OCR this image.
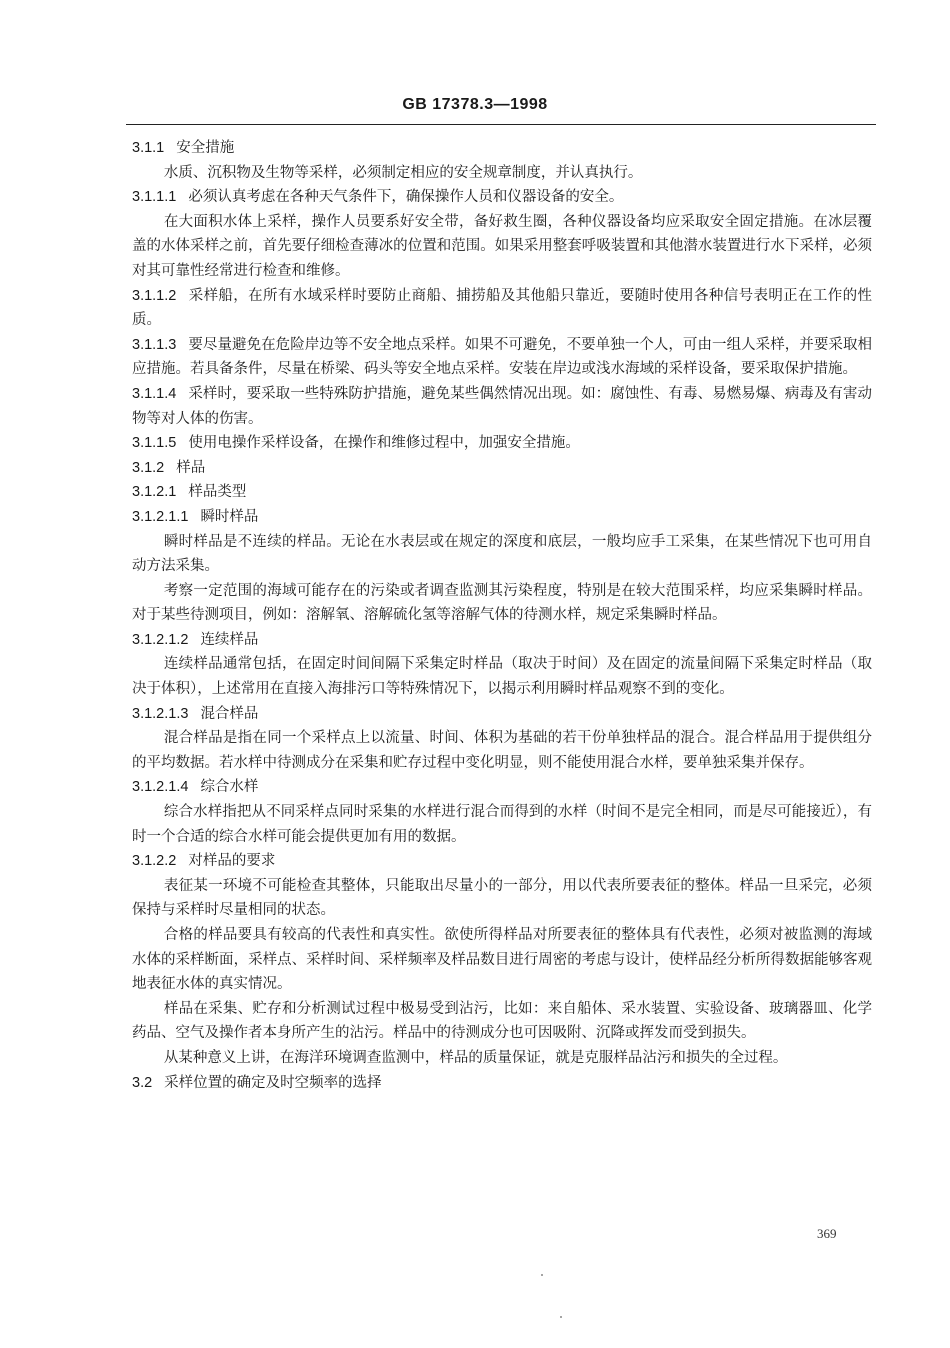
GB 17378.3—1998

3.1.1 安全措施

水质、沉积物及生物等采样，必须制定相应的安全规章制度，并认真执行。

3.1.1.1 必须认真考虑在各种天气条件下，确保操作人员和仪器设备的安全。

在大面积水体上采样，操作人员要系好安全带，备好救生圈，各种仪器设备均应采取安全固定措施。在冰层覆盖的水体采样之前，首先要仔细检查薄冰的位置和范围。如果采用整套呼吸装置和其他潜水装置进行水下采样，必须对其可靠性经常进行检查和维修。

3.1.1.2 采样船，在所有水域采样时要防止商船、捕捞船及其他船只靠近，要随时使用各种信号表明正在工作的性质。

3.1.1.3 要尽量避免在危险岸边等不安全地点采样。如果不可避免，不要单独一个人，可由一组人采样，并要采取相应措施。若具备条件，尽量在桥梁、码头等安全地点采样。安装在岸边或浅水海域的采样设备，要采取保护措施。

3.1.1.4 采样时，要采取一些特殊防护措施，避免某些偶然情况出现。如：腐蚀性、有毒、易燃易爆、病毒及有害动物等对人体的伤害。

3.1.1.5 使用电操作采样设备，在操作和维修过程中，加强安全措施。

3.1.2 样品

3.1.2.1 样品类型

3.1.2.1.1 瞬时样品

瞬时样品是不连续的样品。无论在水表层或在规定的深度和底层，一般均应手工采集，在某些情况下也可用自动方法采集。

考察一定范围的海域可能存在的污染或者调查监测其污染程度，特别是在较大范围采样，均应采集瞬时样品。对于某些待测项目，例如：溶解氧、溶解硫化氢等溶解气体的待测水样，规定采集瞬时样品。

3.1.2.1.2 连续样品

连续样品通常包括，在固定时间间隔下采集定时样品（取决于时间）及在固定的流量间隔下采集定时样品（取决于体积），上述常用在直接入海排污口等特殊情况下，以揭示利用瞬时样品观察不到的变化。

3.1.2.1.3 混合样品

混合样品是指在同一个采样点上以流量、时间、体积为基础的若干份单独样品的混合。混合样品用于提供组分的平均数据。若水样中待测成分在采集和贮存过程中变化明显，则不能使用混合水样，要单独采集并保存。

3.1.2.1.4 综合水样

综合水样指把从不同采样点同时采集的水样进行混合而得到的水样（时间不是完全相同，而是尽可能接近），有时一个合适的综合水样可能会提供更加有用的数据。

3.1.2.2 对样品的要求

表征某一环境不可能检查其整体，只能取出尽量小的一部分，用以代表所要表征的整体。样品一旦采完，必须保持与采样时尽量相同的状态。

合格的样品要具有较高的代表性和真实性。欲使所得样品对所要表征的整体具有代表性，必须对被监测的海域水体的采样断面，采样点、采样时间、采样频率及样品数目进行周密的考虑与设计，使样品经分析所得数据能够客观地表征水体的真实情况。

样品在采集、贮存和分析测试过程中极易受到沾污，比如：来自船体、采水装置、实验设备、玻璃器皿、化学药品、空气及操作者本身所产生的沾污。样品中的待测成分也可因吸附、沉降或挥发而受到损失。

从某种意义上讲，在海洋环境调查监测中，样品的质量保证，就是克服样品沾污和损失的全过程。

3.2 采样位置的确定及时空频率的选择

369
